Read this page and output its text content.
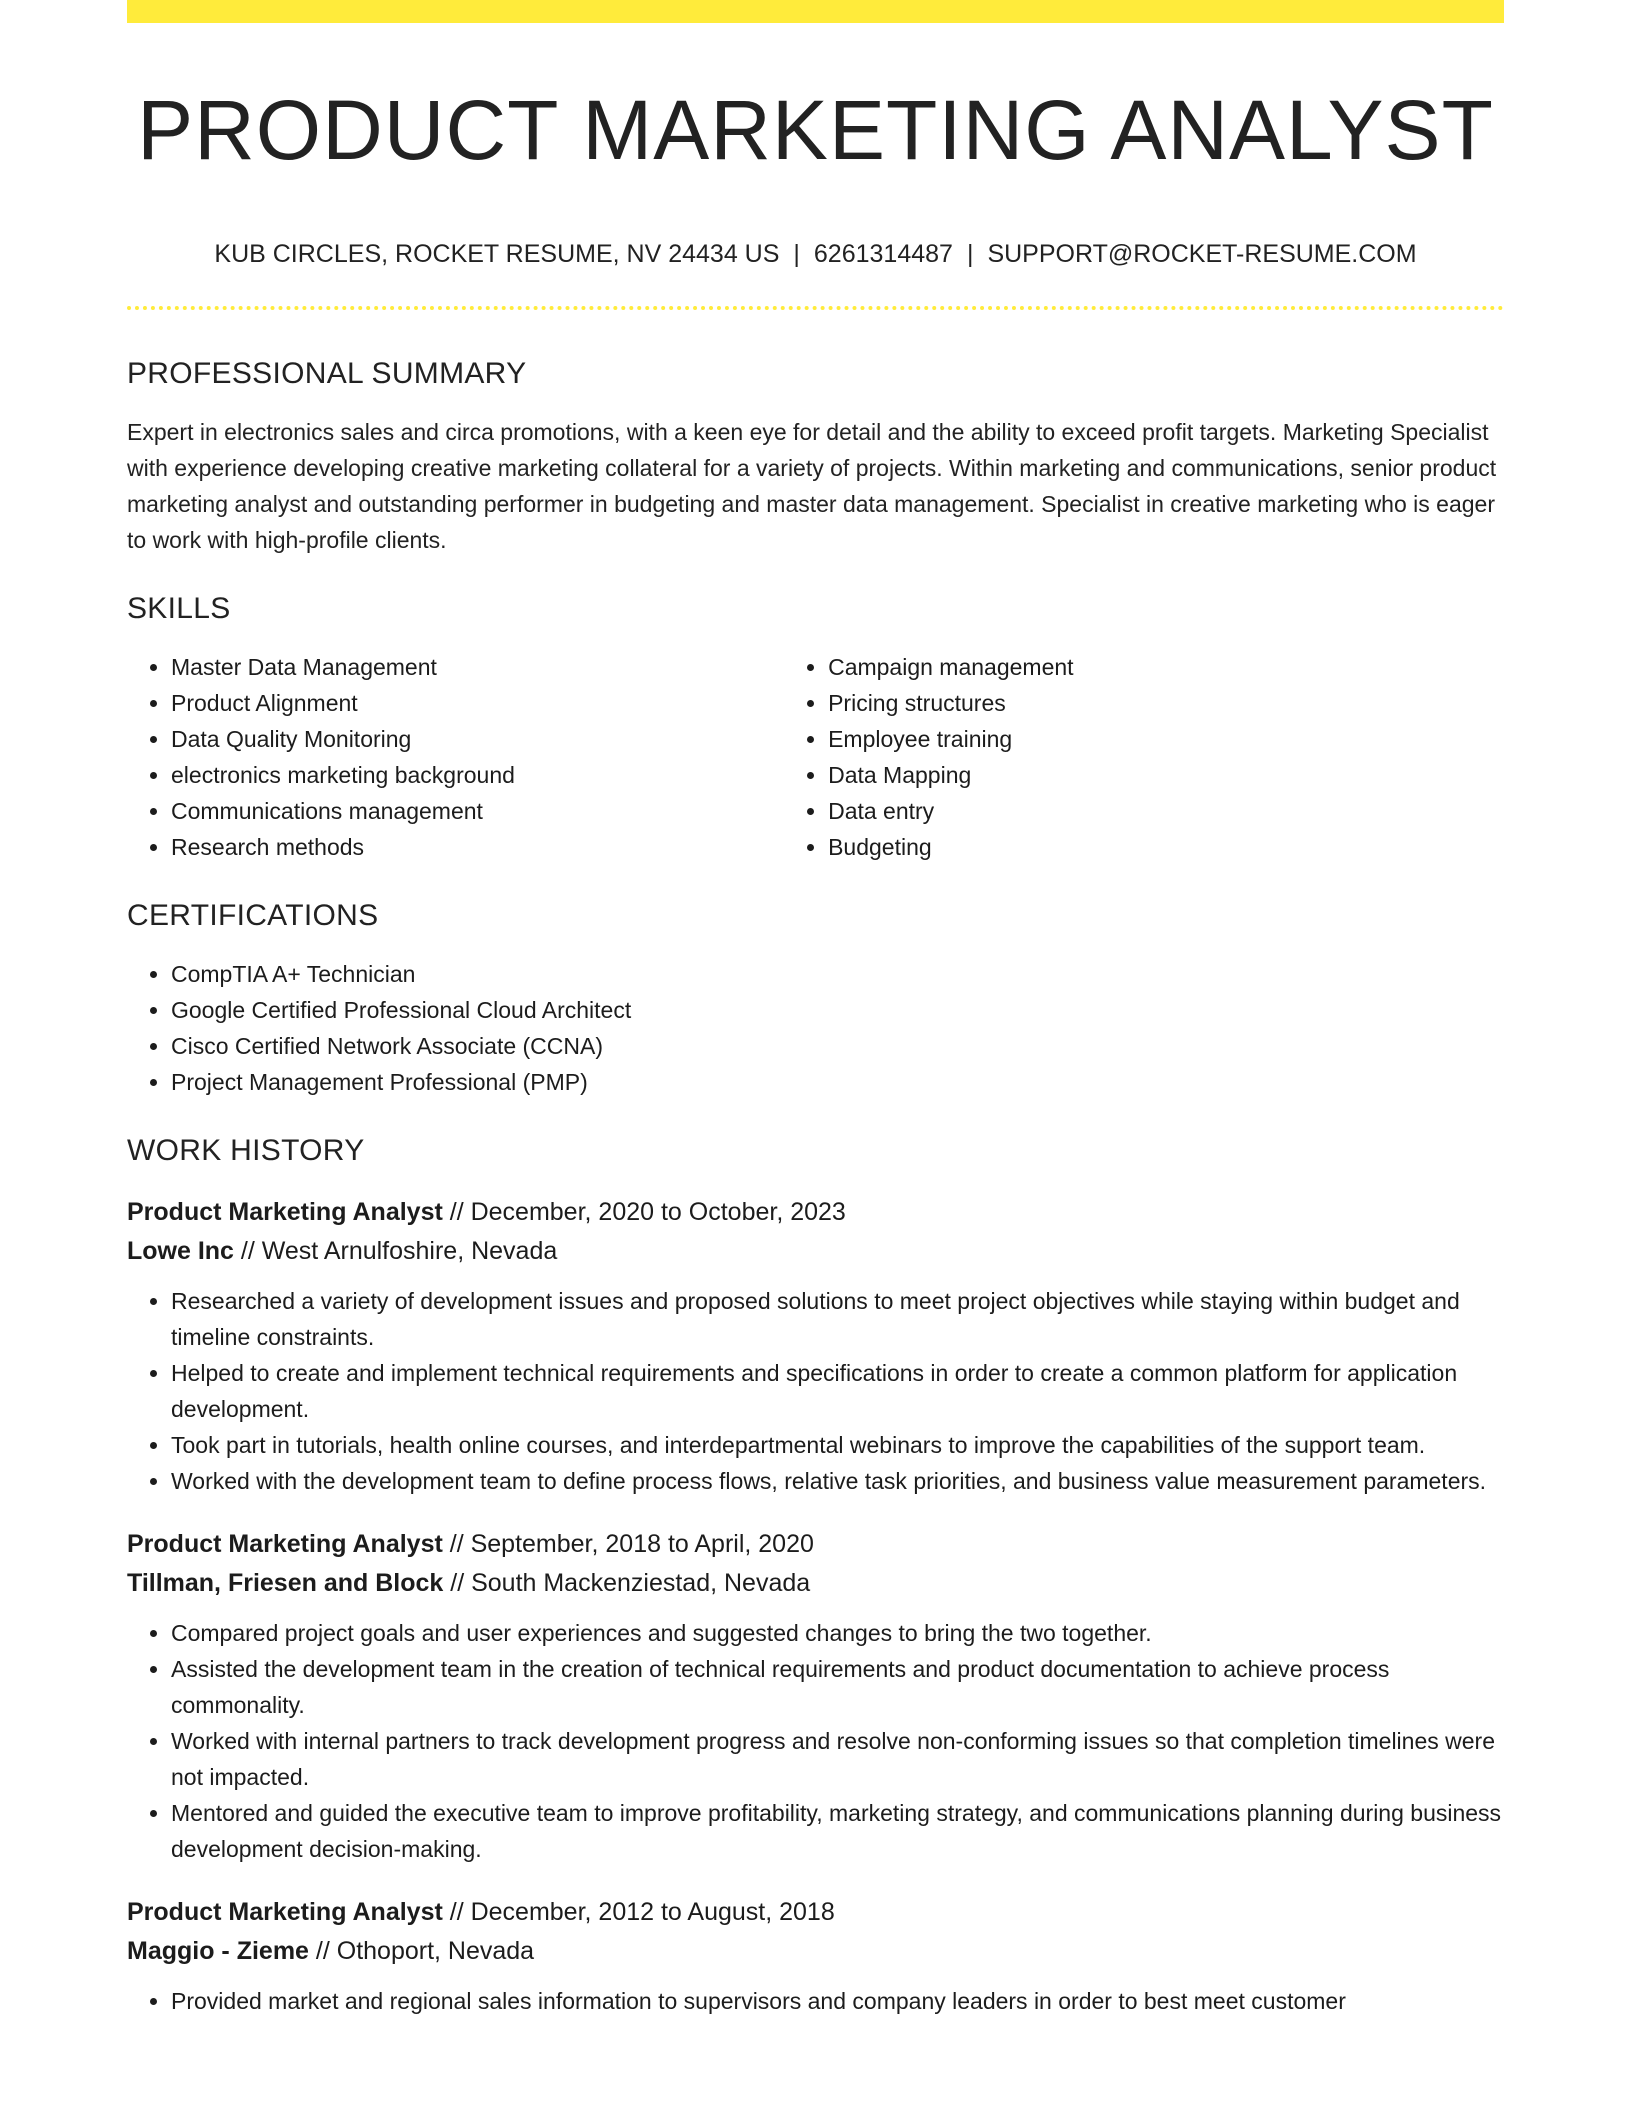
PRODUCT MARKETING ANALYST
KUB CIRCLES, ROCKET RESUME, NV 24434 US | 6261314487 | SUPPORT@ROCKET-RESUME.COM
PROFESSIONAL SUMMARY

Expert in electronics sales and circa promotions, with a keen eye for detail and the ability to exceed profit targets. Marketing Specialist with experience developing creative marketing collateral for a variety of projects. Within marketing and communications, senior product marketing analyst and outstanding performer in budgeting and master data management. Specialist in creative marketing who is eager to work with high-profile clients.

SKILLS
• Master Data Management
• Product Alignment
• Data Quality Monitoring
• electronics marketing background
• Communications management
• Research methods
• Campaign management
• Pricing structures
• Employee training
• Data Mapping
• Data entry
• Budgeting
CERTIFICATIONS
• CompTIA A+ Technician
• Google Certified Professional Cloud Architect
• Cisco Certified Network Associate (CCNA)
• Project Management Professional (PMP)
WORK HISTORY
Product Marketing Analyst // December, 2020 to October, 2023
Lowe Inc // West Arnulfoshire, Nevada
• Researched a variety of development issues and proposed solutions to meet project objectives while staying within budget and timeline constraints.
• Helped to create and implement technical requirements and specifications in order to create a common platform for application development.
• Took part in tutorials, health online courses, and interdepartmental webinars to improve the capabilities of the support team.
• Worked with the development team to define process flows, relative task priorities, and business value measurement parameters.
Product Marketing Analyst // September, 2018 to April, 2020
Tillman, Friesen and Block // South Mackenziestad, Nevada
• Compared project goals and user experiences and suggested changes to bring the two together.
• Assisted the development team in the creation of technical requirements and product documentation to achieve process commonality.
• Worked with internal partners to track development progress and resolve non-conforming issues so that completion timelines were not impacted.
• Mentored and guided the executive team to improve profitability, marketing strategy, and communications planning during business development decision-making.
Product Marketing Analyst // December, 2012 to August, 2018
Maggio - Zieme // Othoport, Nevada
• Provided market and regional sales information to supervisors and company leaders in order to best meet customer
